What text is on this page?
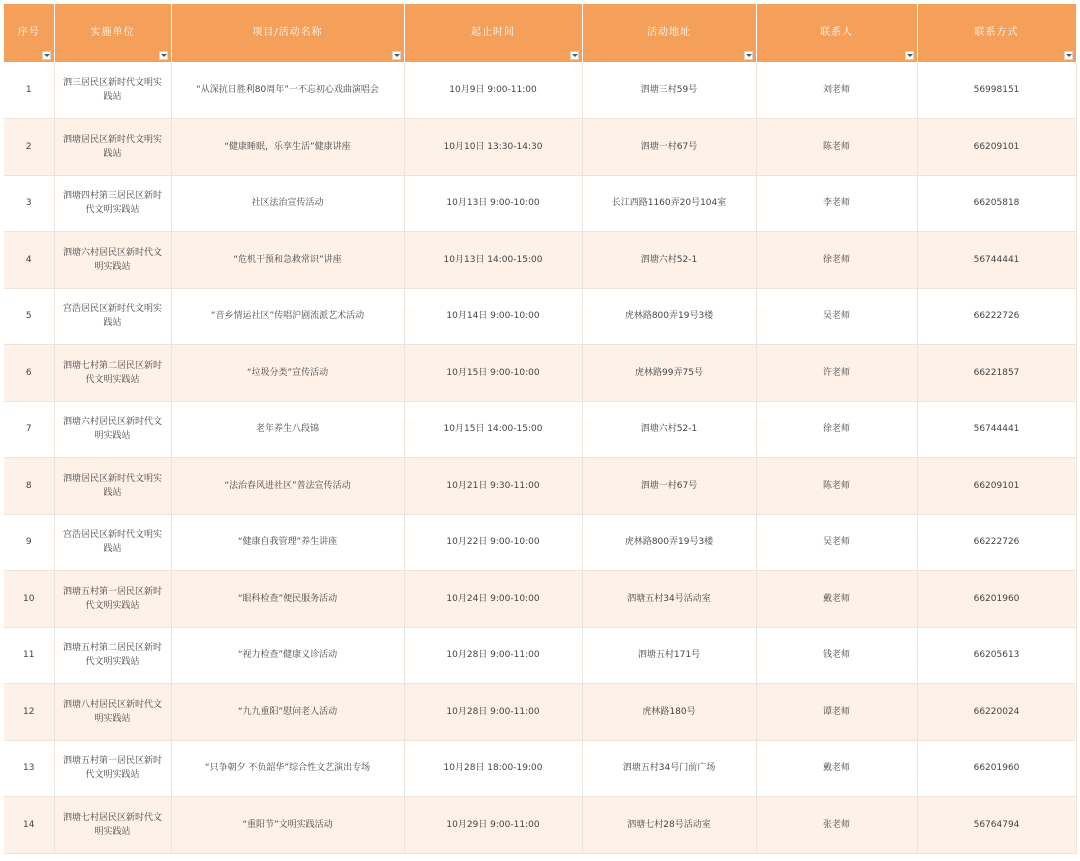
序号	实施单位	项目/活动名称	起止时间	活动地址	联系人	联系方式

1	泗三居民区新时代文明实践站	“从深抗日胜利80周年”一不忘初心戏曲演唱会	10月9日 9:00-11:00	泗塘三村59号	刘老师	56998151
2	泗塘居民区新时代文明实践站	“健康睡眠，乐享生活”健康讲座	10月10日 13:30-14:30	泗塘一村67号	陈老师	66209101
3	泗塘四村第三居民区新时代文明实践站	社区法治宣传活动	10月13日 9:00-10:00	长江西路1160弄20号104室	李老师	66205818
4	泗塘六村居民区新时代文明实践站	“危机干预和急救常识”讲座	10月13日 14:00-15:00	泗塘六村52-1	徐老师	56744441
5	宫浩居民区新时代文明实践站	“音乡情运社区”传唱沪剧流派艺术活动	10月14日 9:00-10:00	虎林路800弄19号3楼	吴老师	66222726
6	泗塘七村第二居民区新时代文明实践站	“垃圾分类”宣传活动	10月15日 9:00-10:00	虎林路99弄75号	许老师	66221857
7	泗塘六村居民区新时代文明实践站	老年养生八段锦	10月15日 14:00-15:00	泗塘六村52-1	徐老师	56744441
8	泗塘居民区新时代文明实践站	“法治春风进社区”普法宣传活动	10月21日 9:30-11:00	泗塘一村67号	陈老师	66209101
9	宫浩居民区新时代文明实践站	“健康自我管理”养生讲座	10月22日 9:00-10:00	虎林路800弄19号3楼	吴老师	66222726
10	泗塘五村第一居民区新时代文明实践站	“眼科检查”便民服务活动	10月24日 9:00-10:00	泗塘五村34号活动室	戴老师	66201960
11	泗塘五村第二居民区新时代文明实践站	“视力检查”健康义诊活动	10月28日 9:00-11:00	泗塘五村171号	钱老师	66205613
12	泗塘八村居民区新时代文明实践站	“九九重阳”慰问老人活动	10月28日 9:00-11:00	虎林路180号	谭老师	66220024
13	泗塘五村第一居民区新时代文明实践站	“只争朝夕 不负韶华”综合性文艺演出专场	10月28日 18:00-19:00	泗塘五村34号门前广场	戴老师	66201960
14	泗塘七村居民区新时代文明实践站	“重阳节”文明实践活动	10月29日 9:00-11:00	泗塘七村28号活动室	张老师	56764794
